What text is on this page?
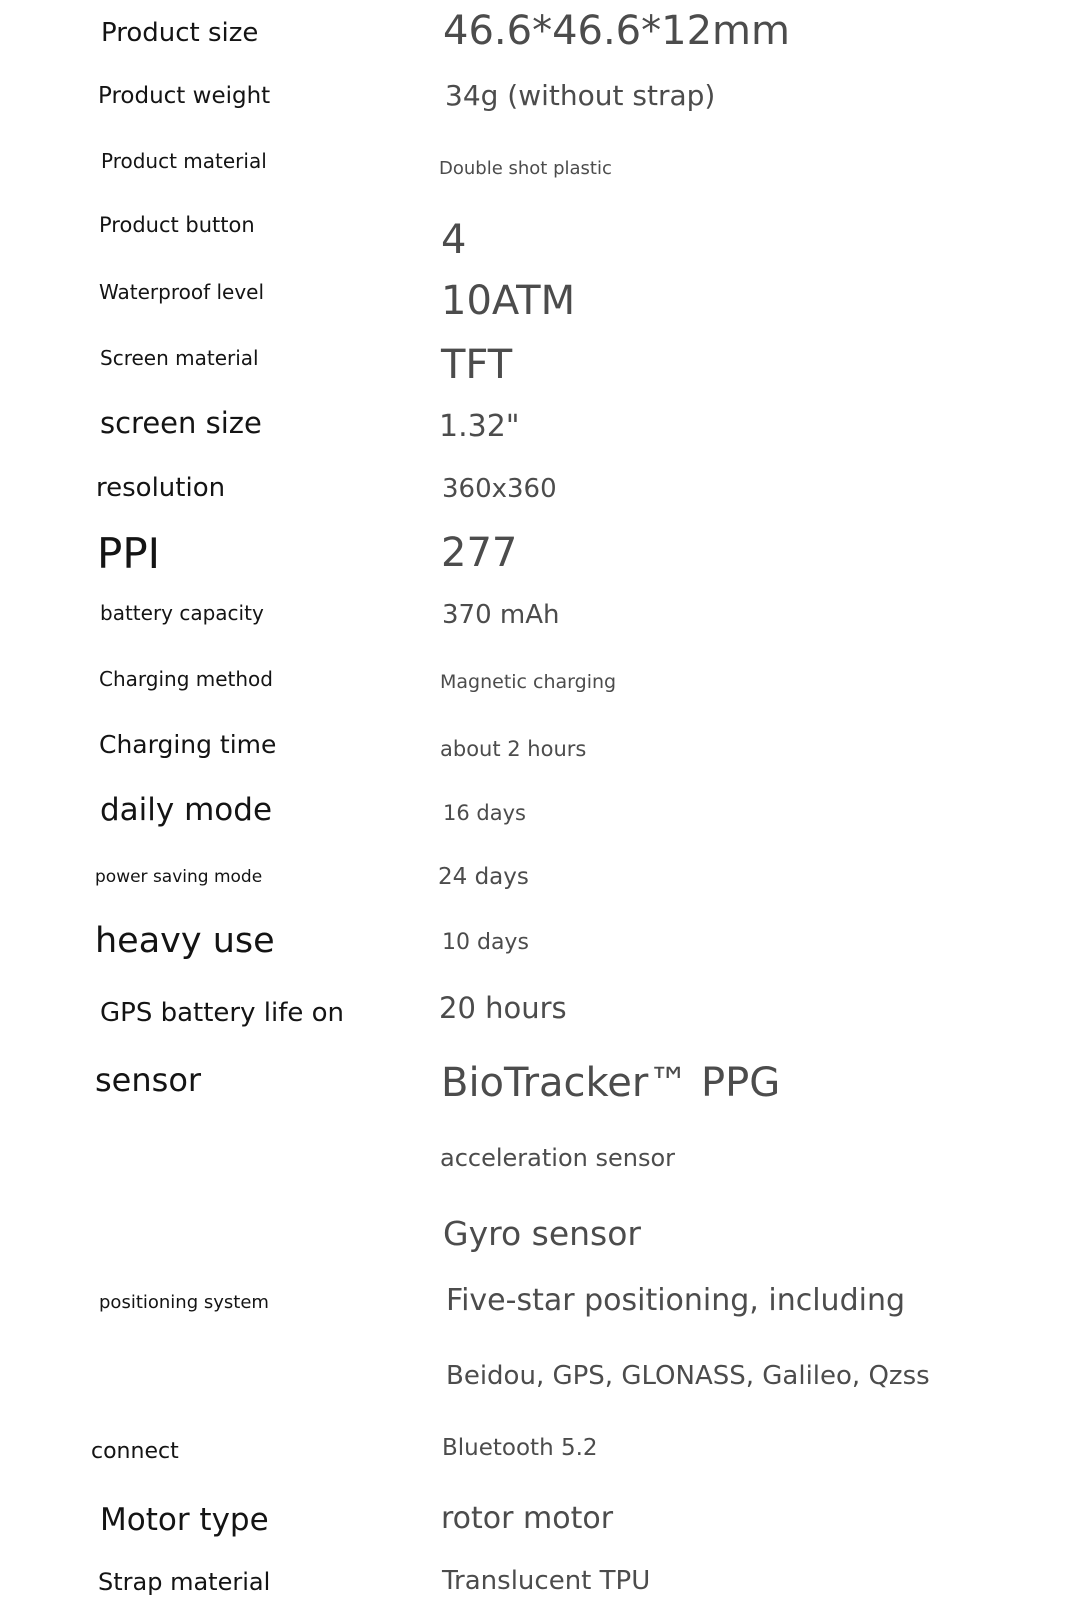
Product size	46.6*46.6*12mm
Product weight	34g (without strap)
Product material	Double shot plastic
Product button	4
Waterproof level	10ATM
Screen material	TFT
screen size	1.32"
resolution	360x360
PPI	277
battery capacity	370 mAh
Charging method	Magnetic charging
Charging time	about 2 hours
daily mode	16 days
power saving mode	24 days
heavy use	10 days
GPS battery life on	20 hours
sensor	BioTracker™ PPG
acceleration sensor
Gyro sensor
positioning system	Five-star positioning, including
Beidou, GPS, GLONASS, Galileo, Qzss
connect	Bluetooth 5.2
Motor type	rotor motor
Strap material	Translucent TPU
